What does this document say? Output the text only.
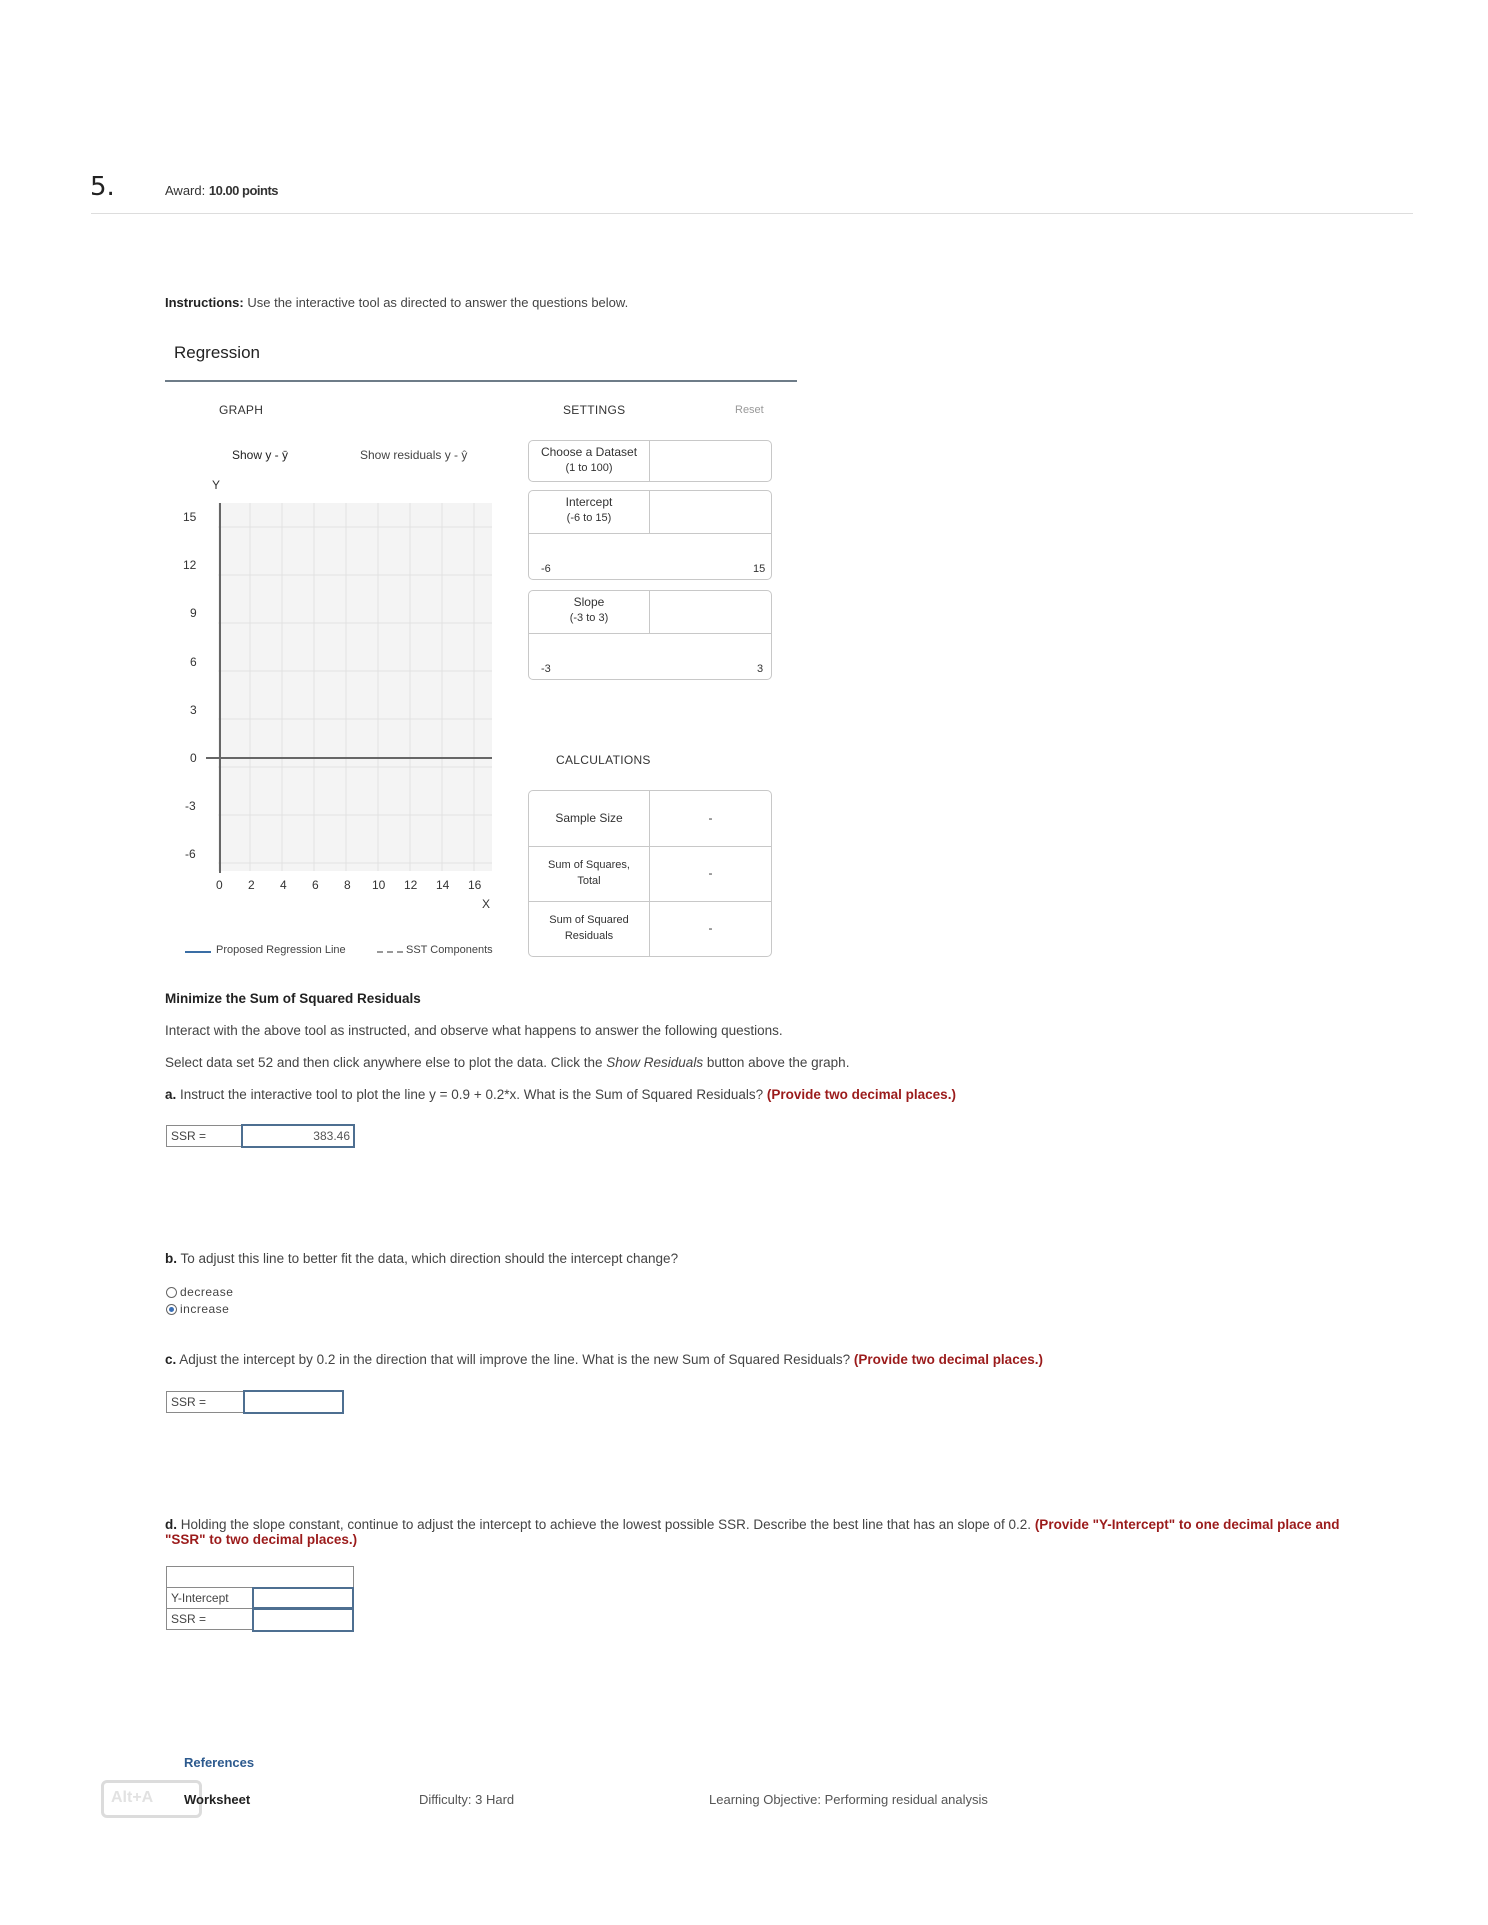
5.	Award: 10.00 points
Instructions: Use the interactive tool as directed to answer the questions below.
Regression
GRAPH	SETTINGS	Reset
Show y - ȳ	Show residuals y - ŷ	Choose a Dataset
(1 to 100)
Intercept
(-6 to 15)
-6	15
Slope
(-3 to 3)
-3	3
CALCULATIONS
Sample Size	-
Sum of Squares,
Total
-
Sum of Squared
Residuals
-
Y
15
12
9
6
3
0
-3
-6
0 2 4 6 8 10 12 14 16
X
Proposed Regression Line	SST Components
Minimize the Sum of Squared Residuals
Interact with the above tool as instructed, and observe what happens to answer the following questions.
Select data set 52 and then click anywhere else to plot the data. Click the Show Residuals button above the graph.
a. Instruct the interactive tool to plot the line y = 0.9 + 0.2*x. What is the Sum of Squared Residuals? (Provide two decimal places.)
SSR =	383.46
b. To adjust this line to better fit the data, which direction should the intercept change?
decrease
increase
c. Adjust the intercept by 0.2 in the direction that will improve the line. What is the new Sum of Squared Residuals? (Provide two decimal places.)
SSR =
d. Holding the slope constant, continue to adjust the intercept to achieve the lowest possible SSR. Describe the best line that has an slope of 0.2. (Provide "Y-Intercept" to one decimal place and
"SSR" to two decimal places.)
Y-Intercept
SSR =
References
Alt+A	Worksheet	Difficulty: 3 Hard	Learning Objective: Performing residual analysis
